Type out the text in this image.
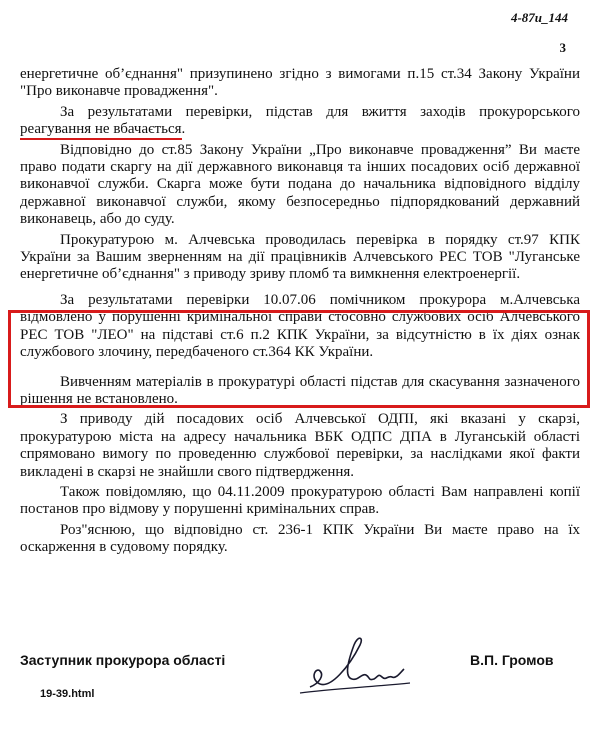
4-87и_144
3

енергетичне об’єднання" призупинено згідно з вимогами п.15 ст.34 Закону України "Про виконавче провадження".

За результатами перевірки, підстав для вжиття заходів прокурорського реагування не вбачається.

Відповідно до ст.85 Закону України „Про виконавче провадження” Ви маєте право подати скаргу на дії державного виконавця та інших посадових осіб державної виконавчої служби. Скарга може бути подана до начальника відповідного відділу державної виконавчої служби, якому безпосередньо підпорядкований державний виконавець, або до суду.

Прокуратурою м. Алчевська проводилась перевірка в порядку ст.97 КПК України за Вашим зверненням на дії працівників Алчевського РЕС ТОВ "Луганське енергетичне об’єднання" з приводу зриву пломб та вимкнення електроенергії.

За результатами перевірки 10.07.06 помічником прокурора м.Алчевська відмовлено у порушенні кримінальної справи стосовно службових осіб Алчевського РЕС ТОВ "ЛЕО" на підставі ст.6 п.2 КПК України, за відсутністю в їх діях ознак службового злочину, передбаченого ст.364 КК України.

Вивченням матеріалів в прокуратурі області підстав для скасування зазначеного рішення не встановлено.

З приводу дій посадових осіб Алчевської ОДПІ, які вказані у скарзі, прокуратурою міста на адресу начальника ВБК ОДПС ДПА в Луганській області спрямовано вимогу по проведенню службової перевірки, за наслідками якої факти викладені в скарзі не знайшли свого підтвердження.

Також повідомляю, що 04.11.2009 прокуратурою області Вам направлені копії постанов про відмову у порушенні кримінальних справ.

Роз"яснюю, що відповідно ст. 236-1 КПК України Ви маєте право на їх оскарження в судовому порядку.

Заступник прокурора області	В.П. Громов
19-39.html
